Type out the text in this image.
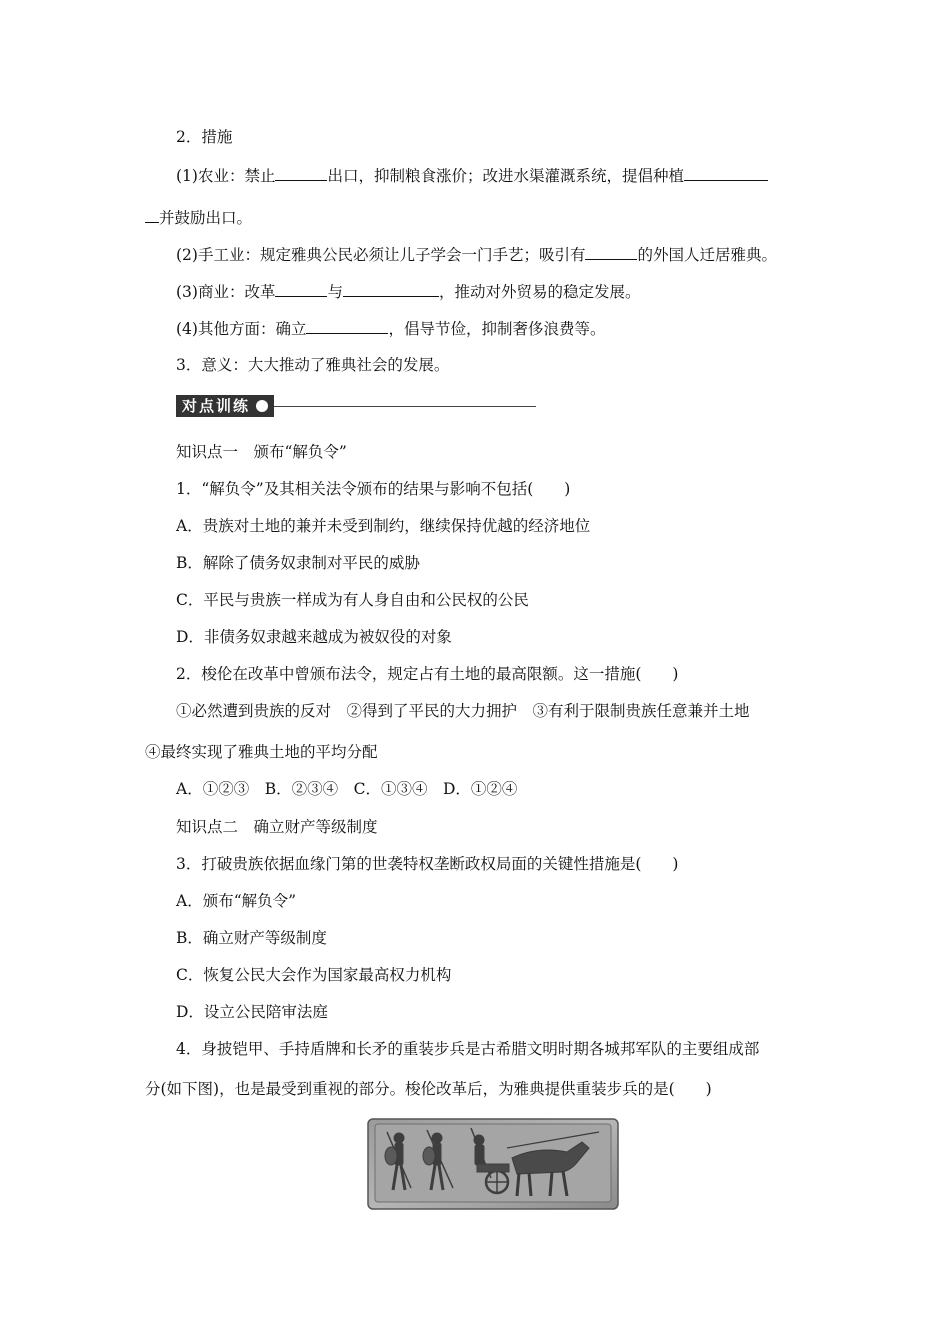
2．措施
(1)农业：禁止	出口，抑制粮食涨价；改进水渠灌溉系统，提倡种植
并鼓励出口。
(2)手工业：规定雅典公民必须让儿子学会一门手艺；吸引有	的外国人迁居雅典。
(3)商业：改革	与	，推动对外贸易的稳定发展。
(4)其他方面：确立	，倡导节俭，抑制奢侈浪费等。
3．意义：大大推动了雅典社会的发展。
对点训练
知识点一　颁布“解负令”
1．“解负令”及其相关法令颁布的结果与影响不包括(　　)
A．贵族对土地的兼并未受到制约，继续保持优越的经济地位
B．解除了债务奴隶制对平民的威胁
C．平民与贵族一样成为有人身自由和公民权的公民
D．非债务奴隶越来越成为被奴役的对象
2．梭伦在改革中曾颁布法令，规定占有土地的最高限额。这一措施(　　)
①必然遭到贵族的反对　②得到了平民的大力拥护　③有利于限制贵族任意兼并土地
④最终实现了雅典土地的平均分配
A．①②③　B．②③④　C．①③④　D．①②④
知识点二　确立财产等级制度
3．打破贵族依据血缘门第的世袭特权垄断政权局面的关键性措施是(　　)
A．颁布“解负令”
B．确立财产等级制度
C．恢复公民大会作为国家最高权力机构
D．设立公民陪审法庭
4．身披铠甲、手持盾牌和长矛的重装步兵是古希腊文明时期各城邦军队的主要组成部
分(如下图)，也是最受到重视的部分。梭伦改革后，为雅典提供重装步兵的是(　　)
